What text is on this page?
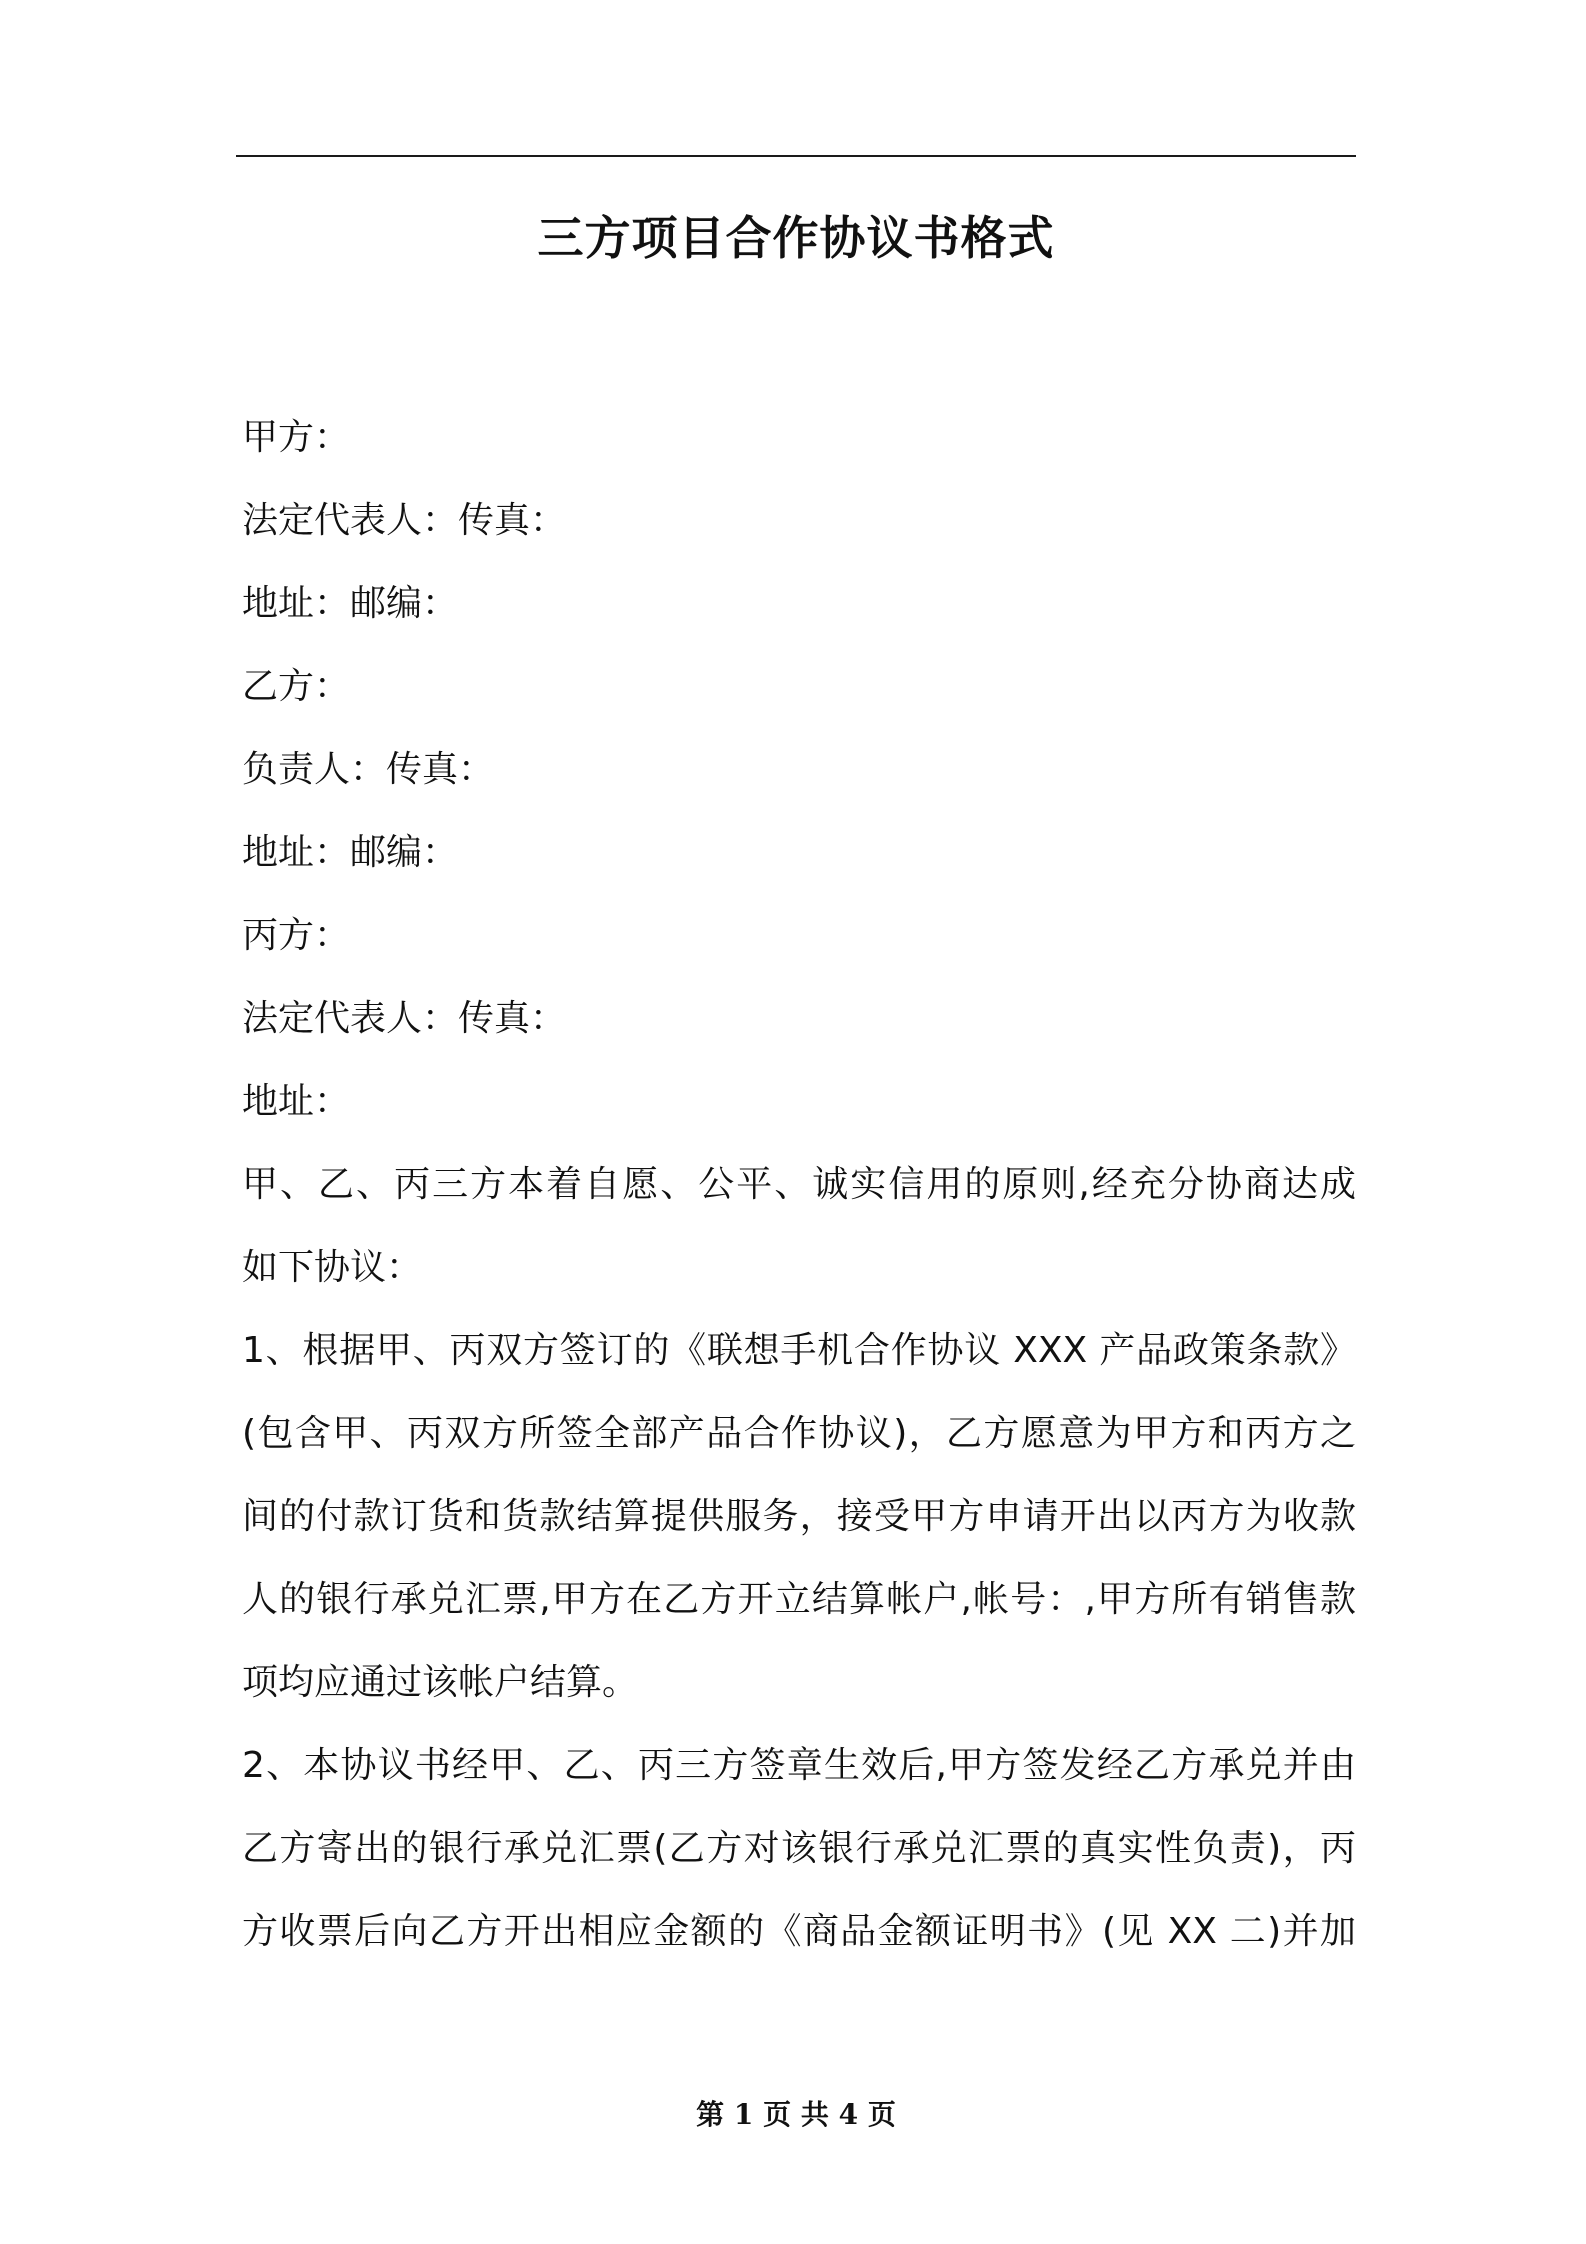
三方项目合作协议书格式
甲方：
法定代表人：传真：
地址：邮编：
乙方：
负责人：传真：
地址：邮编：
丙方：
法定代表人：传真：
地址：
甲、乙、丙三方本着自愿、公平、诚实信用的原则,经充分协商达成
如下协议：
1、根据甲、丙双方签订的《联想手机合作协议 XXX 产品政策条款》
(包含甲、丙双方所签全部产品合作协议)，乙方愿意为甲方和丙方之
间的付款订货和货款结算提供服务，接受甲方申请开出以丙方为收款
人的银行承兑汇票,甲方在乙方开立结算帐户,帐号：,甲方所有销售款
项均应通过该帐户结算。
2、本协议书经甲、乙、丙三方签章生效后,甲方签发经乙方承兑并由
乙方寄出的银行承兑汇票(乙方对该银行承兑汇票的真实性负责)，丙
方收票后向乙方开出相应金额的《商品金额证明书》(见 XX 二)并加
第 1 页 共 4 页
